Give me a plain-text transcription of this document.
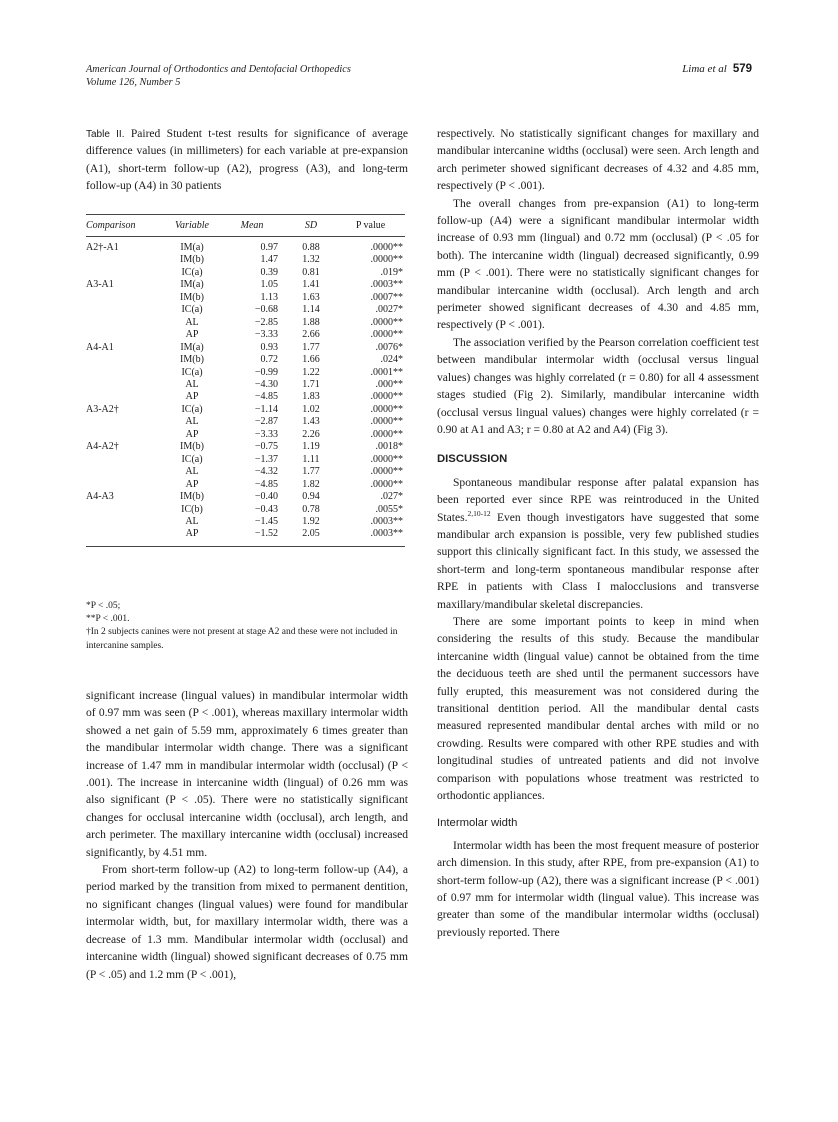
American Journal of Orthodontics and Dentofacial Orthopedics
Volume 126, Number 5
Lima et al 579
Table II. Paired Student t-test results for significance of average difference values (in millimeters) for each variable at pre-expansion (A1), short-term follow-up (A2), progress (A3), and long-term follow-up (A4) in 30 patients
Comparison	Variable	Mean	SD	P value
A2†-A1	IM(a)	0.97	0.88	.0000**
	IM(b)	1.47	1.32	.0000**
	IC(a)	0.39	0.81	.019*
A3-A1	IM(a)	1.05	1.41	.0003**
	IM(b)	1.13	1.63	.0007**
	IC(a)	−0.68	1.14	.0027*
	AL	−2.85	1.88	.0000**
	AP	−3.33	2.66	.0000**
A4-A1	IM(a)	0.93	1.77	.0076*
	IM(b)	0.72	1.66	.024*
	IC(a)	−0.99	1.22	.0001**
	AL	−4.30	1.71	.000**
	AP	−4.85	1.83	.0000**
A3-A2†	IC(a)	−1.14	1.02	.0000**
	AL	−2.87	1.43	.0000**
	AP	−3.33	2.26	.0000**
A4-A2†	IM(b)	−0.75	1.19	.0018*
	IC(a)	−1.37	1.11	.0000**
	AL	−4.32	1.77	.0000**
	AP	−4.85	1.82	.0000**
A4-A3	IM(b)	−0.40	0.94	.027*
	IC(b)	−0.43	0.78	.0055*
	AL	−1.45	1.92	.0003**
	AP	−1.52	2.05	.0003**
*P < .05;
**P < .001.
†In 2 subjects canines were not present at stage A2 and these were not included in intercanine samples.

significant increase (lingual values) in mandibular intermolar width of 0.97 mm was seen (P < .001), whereas maxillary intermolar width showed a net gain of 5.59 mm, approximately 6 times greater than the mandibular intermolar width change. There was a significant increase of 1.47 mm in mandibular intermolar width (occlusal) (P < .001). The increase in intercanine width (lingual) of 0.26 mm was also significant (P < .05). There were no statistically significant changes for occlusal intercanine width (occlusal), arch length, and arch perimeter. The maxillary intercanine width (occlusal) increased significantly, by 4.51 mm.

From short-term follow-up (A2) to long-term follow-up (A4), a period marked by the transition from mixed to permanent dentition, no significant changes (lingual values) were found for mandibular intermolar width, but, for maxillary intermolar width, there was a decrease of 1.3 mm. Mandibular intermolar width (occlusal) and intercanine width (lingual) showed significant decreases of 0.75 mm (P < .05) and 1.2 mm (P < .001),

respectively. No statistically significant changes for maxillary and mandibular intercanine widths (occlusal) were seen. Arch length and arch perimeter showed significant decreases of 4.32 and 4.85 mm, respectively (P < .001).

The overall changes from pre-expansion (A1) to long-term follow-up (A4) were a significant mandibular intermolar width increase of 0.93 mm (lingual) and 0.72 mm (occlusal) (P < .05 for both). The intercanine width (lingual) decreased significantly, 0.99 mm (P < .001). There were no statistically significant changes for mandibular intercanine width (occlusal). Arch length and arch perimeter showed significant decreases of 4.30 and 4.85 mm, respectively (P < .001).

The association verified by the Pearson correlation coefficient test between mandibular intermolar width (occlusal versus lingual values) changes was highly correlated (r = 0.80) for all 4 assessment stages studied (Fig 2). Similarly, mandibular intercanine width (occlusal versus lingual values) changes were highly correlated (r = 0.90 at A1 and A3; r = 0.80 at A2 and A4) (Fig 3).

DISCUSSION

Spontaneous mandibular response after palatal expansion has been reported ever since RPE was reintroduced in the United States.$^{2,10-12}$ Even though investigators have suggested that some mandibular arch expansion is possible, very few published studies support this clinically significant fact. In this study, we assessed the short-term and long-term spontaneous mandibular response after RPE in patients with Class I malocclusions and transverse maxillary/mandibular skeletal discrepancies.

There are some important points to keep in mind when considering the results of this study. Because the mandibular intercanine width (lingual value) cannot be obtained from the time the deciduous teeth are shed until the permanent successors have fully erupted, this measurement was not considered during the transitional dentition period. All the mandibular dental casts measured represented mandibular dental arches with mild or no crowding. Results were compared with other RPE studies and with longitudinal studies of untreated patients and did not involve comparison with populations whose treatment was restricted to orthodontic appliances.

Intermolar width

Intermolar width has been the most frequent measure of posterior arch dimension. In this study, after RPE, from pre-expansion (A1) to short-term follow-up (A2), there was a significant increase (P < .001) of 0.97 mm for intermolar width (lingual value). This increase was greater than some of the mandibular intermolar widths (occlusal) previously reported. There
